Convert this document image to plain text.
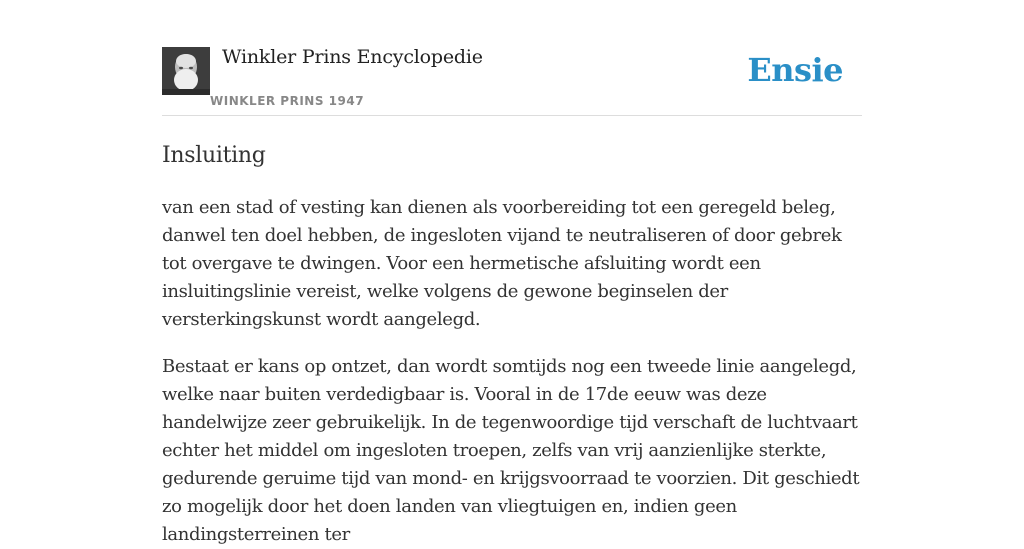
Winkler Prins Encyclopedie
WINKLER PRINS 1947
Ensie
Insluiting

van een stad of vesting kan dienen als voorbereiding tot een geregeld beleg, danwel ten doel hebben, de ingesloten vijand te neutraliseren of door gebrek tot overgave te dwingen. Voor een hermetische afsluiting wordt een insluitingslinie vereist, welke volgens de gewone beginselen der versterkingskunst wordt aangelegd.

Bestaat er kans op ontzet, dan wordt somtijds nog een tweede linie aangelegd, welke naar buiten verdedigbaar is. Vooral in de 17de eeuw was deze handelwijze zeer gebruikelijk. In de tegenwoordige tijd verschaft de luchtvaart echter het middel om ingesloten troepen, zelfs van vrij aanzienlijke sterkte, gedurende geruime tijd van mond- en krijgsvoorraad te voorzien. Dit geschiedt zo mogelijk door het doen landen van vliegtuigen en, indien geen landingsterreinen ter
